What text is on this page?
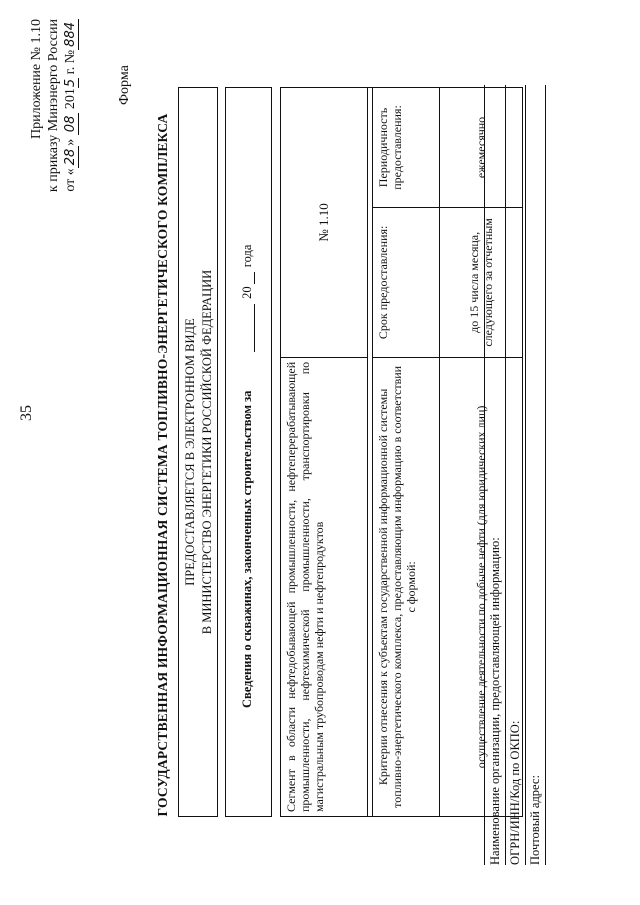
35
Приложение № 1.10 к приказу Минэнерго России от «28» 08 2015 г. №884
Форма
ГОСУДАРСТВЕННАЯ ИНФОРМАЦИОННАЯ СИСТЕМА ТОПЛИВНО-ЭНЕРГЕТИЧЕСКОГО КОМПЛЕКСА ПРЕДОСТАВЛЯЕТСЯ В ЭЛЕКТРОННОМ ВИДЕ В МИНИСТЕРСТВО ЭНЕРГЕТИКИ РОССИЙСКОЙ ФЕДЕРАЦИИ Сведения о скважинах, законченных строительством за
20 года
Сегмент в области нефтедобывающей промышленности, нефтеперерабатывающей промышленности, нефтехимической промышленности, транспортировки по магистральным трубопроводам нефти и нефтепродуктов	№ 1.10	

Критерии отнесения к субъектам государственной информационной системы топливно-энергетического комплекса, предоставляющим информацию в соответствии с формой:	Срок предоставления:	Периодичность предоставления:
осуществление деятельности по добыче нефти (для юридических лиц)	до 15 числа месяца, следующего за отчетным	ежемесячно
Наименование организации, предоставляющей информацию: ОГРН/ИНН/Код по ОКПО: Почтовый адрес:
